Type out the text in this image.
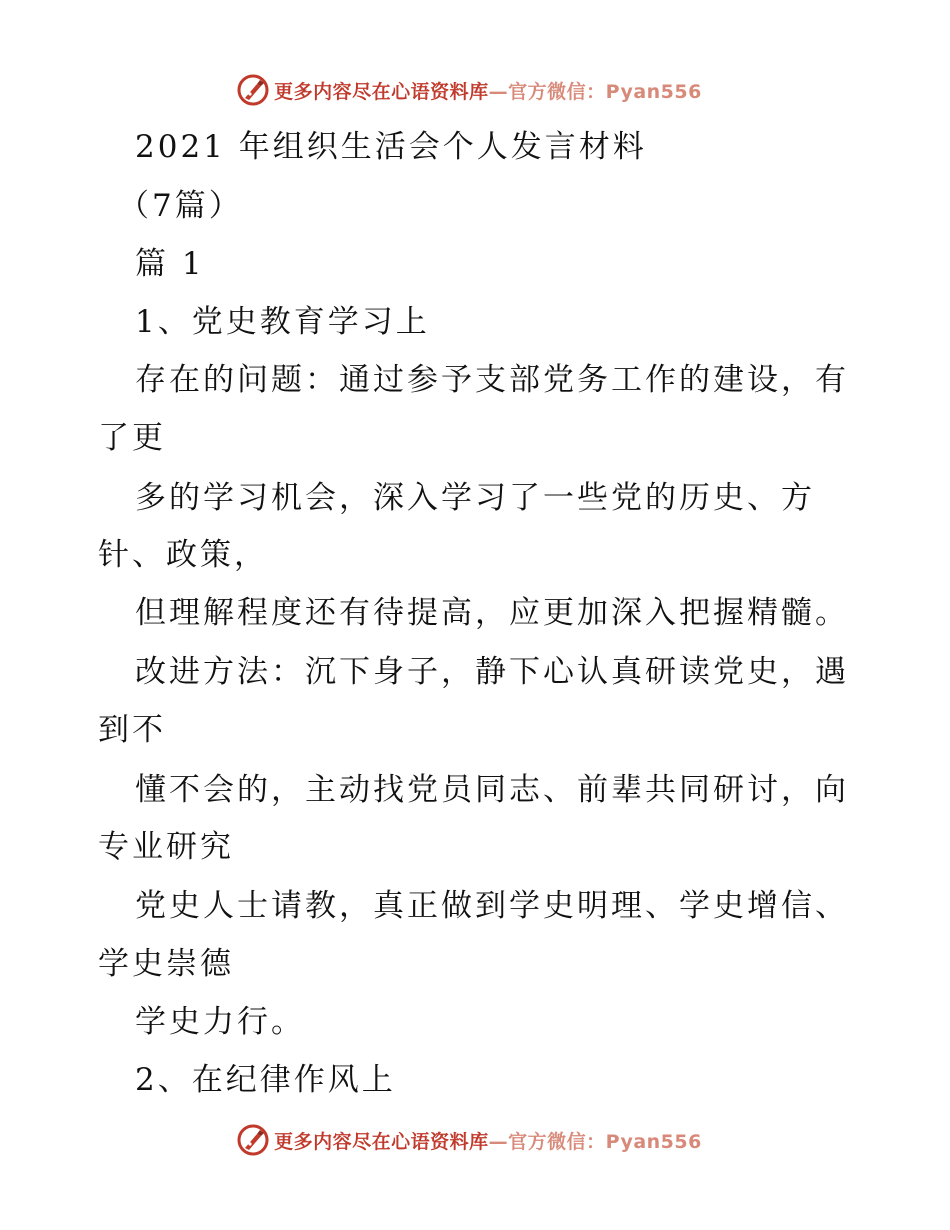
更多内容尽在心语资料库 —官方微信：Pyan556
2021 年组织生活会个人发言材料
（7篇）
篇 1
1、党史教育学习上
存在的问题：通过参予支部党务工作的建设，有
了更
多的学习机会，深入学习了一些党的历史、方
针、政策，
但理解程度还有待提高，应更加深入把握精髓。
改进方法：沉下身子，静下心认真研读党史，遇
到不
懂不会的，主动找党员同志、前辈共同研讨，向
专业研究
党史人士请教，真正做到学史明理、学史增信、
学史崇德
学史力行。
2、在纪律作风上
更多内容尽在心语资料库 —官方微信：Pyan556
